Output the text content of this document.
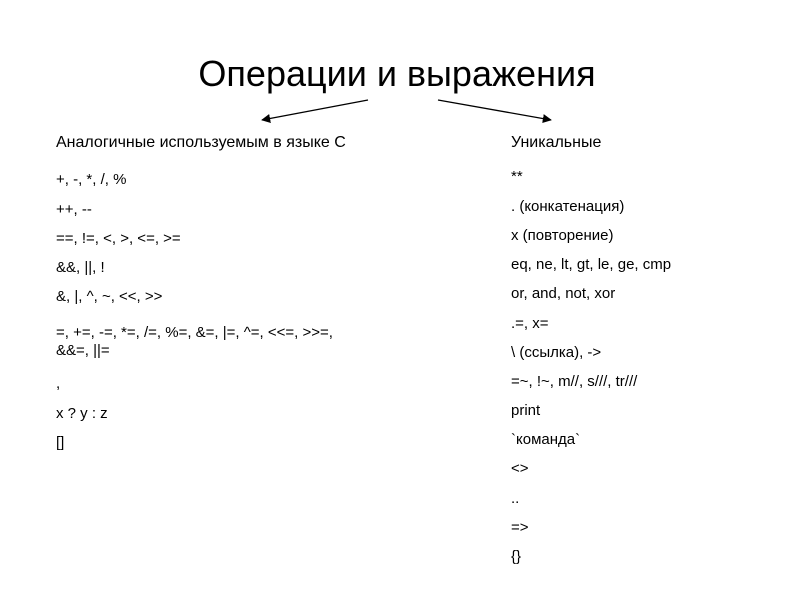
Операции и выражения
Аналогичные используемым в языке С
+, -, *, /, %
++, --
==, !=, <, >, <=, >=
&&, ||, !
&, |, ^, ~, <<, >>
=, +=, -=, *=, /=, %=, &=, |=, ^=, <<=, >>=,
&&=, ||=
,
x ? y : z
[]
Уникальные
**
. (конкатенация)
x (повторение)
eq, ne, lt, gt, le, ge, cmp
or, and, not, xor
.=, x=
\ (ссылка), ->
=~, !~, m//, s///, tr///
print
`команда`
<>
..
=>
{}
